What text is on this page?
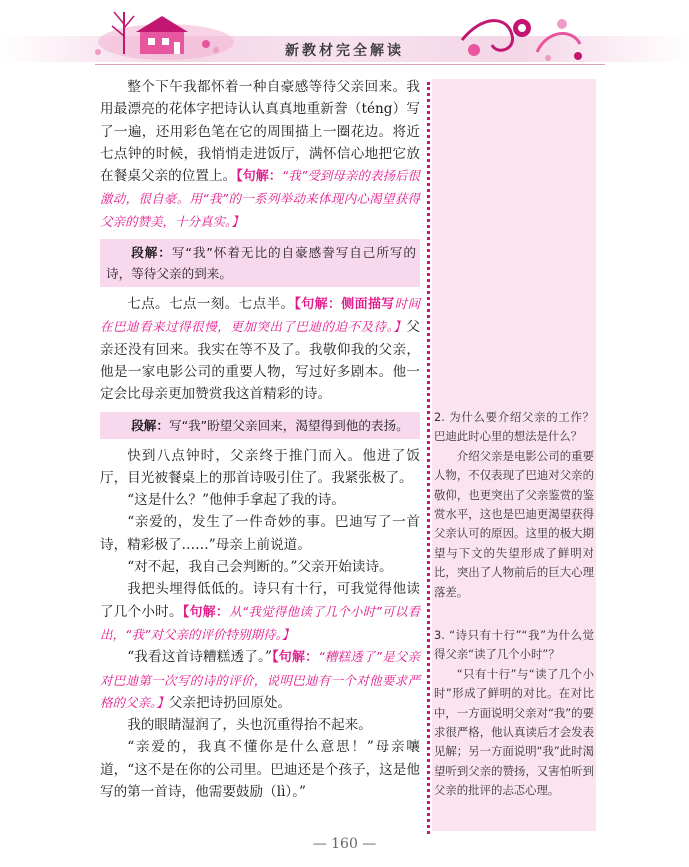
新教材完全解读

整个下午我都怀着一种自豪感等待父亲回来。我用最漂亮的花体字把诗认认真真地重新誊（téng）写了一遍，还用彩色笔在它的周围描上一圈花边。将近七点钟的时候，我悄悄走进饭厅，满怀信心地把它放在餐桌父亲的位置上。【句解：“我”受到母亲的表扬后很激动，很自豪。用“我”的一系列举动来体现内心渴望获得父亲的赞美，十分真实。】

段解：写“我”怀着无比的自豪感誊写自己所写的诗，等待父亲的到来。

七点。七点一刻。七点半。【句解：侧面描写时间在巴迪看来过得很慢，更加突出了巴迪的迫不及待。】父亲还没有回来。我实在等不及了。我敬仰我的父亲，他是一家电影公司的重要人物，写过好多剧本。他一定会比母亲更加赞赏我这首精彩的诗。

段解：写“我”盼望父亲回来，渴望得到他的表扬。

快到八点钟时，父亲终于推门而入。他进了饭厅，目光被餐桌上的那首诗吸引住了。我紧张极了。

“这是什么？”他伸手拿起了我的诗。

“亲爱的，发生了一件奇妙的事。巴迪写了一首诗，精彩极了……”母亲上前说道。

“对不起，我自己会判断的。”父亲开始读诗。

我把头埋得低低的。诗只有十行，可我觉得他读了几个小时。【句解：从“我觉得他读了几个小时”可以看出，“我”对父亲的评价特别期待。】

“我看这首诗糟糕透了。”【句解：“糟糕透了”是父亲对巴迪第一次写的诗的评价，说明巴迪有一个对他要求严格的父亲。】父亲把诗扔回原处。

我的眼睛湿润了，头也沉重得抬不起来。

“亲爱的，我真不懂你是什么意思！”母亲嚷道，“这不是在你的公司里。巴迪还是个孩子，这是他写的第一首诗，他需要鼓励（lì）。”

2. 为什么要介绍父亲的工作？巴迪此时心里的想法是什么？

介绍父亲是电影公司的重要人物，不仅表现了巴迪对父亲的敬仰，也更突出了父亲鉴赏的鉴赏水平，这也是巴迪更渴望获得父亲认可的原因。这里的极大期望与下文的失望形成了鲜明对比，突出了人物前后的巨大心理落差。

3. “诗只有十行”“我”为什么觉得父亲“读了几个小时”？

“只有十行”与“读了几个小时”形成了鲜明的对比。在对比中，一方面说明父亲对“我”的要求很严格，他认真读后才会发表见解；另一方面说明“我”此时渴望听到父亲的赞扬，又害怕听到父亲的批评的忐忑心理。

— 160 —
